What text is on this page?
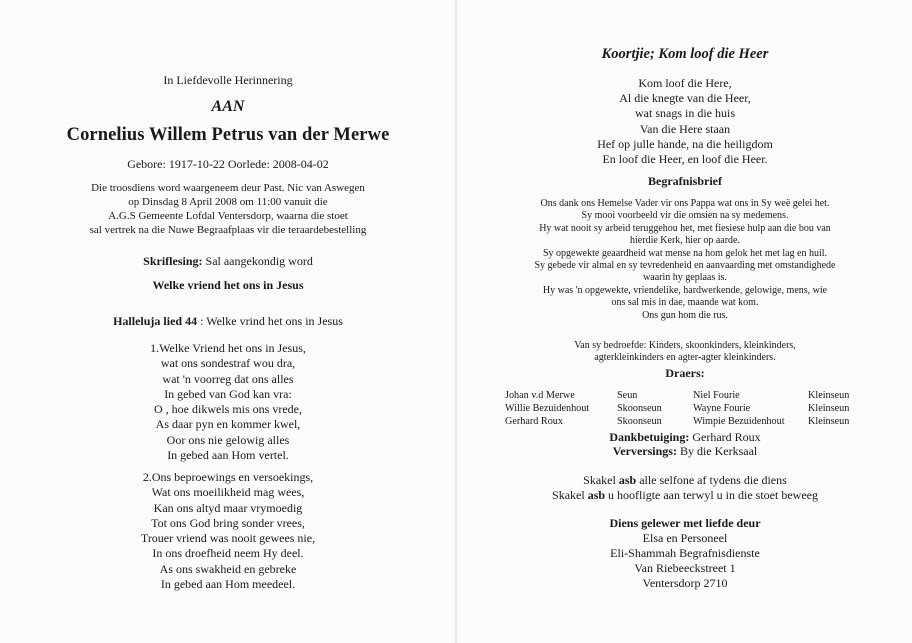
In Liefdevolle Herinnering
AAN
Cornelius Willem Petrus van der Merwe
Gebore: 1917-10-22 Oorlede: 2008-04-02
Die troosdiens word waargeneem deur Past. Nic van Aswegen
op Dinsdag 8 April 2008 om 11:00 vanuit die
A.G.S Gemeente Lofdal Ventersdorp, waarna die stoet
sal vertrek na die Nuwe Begraafplaas vir die teraardebestelling
Skriflesing: Sal aangekondig word
Welke vriend het ons in Jesus
Halleluja lied 44 : Welke vrind het ons in Jesus
1.Welke Vriend het ons in Jesus,
wat ons sondestraf wou dra,
wat 'n voorreg dat ons alles
In gebed van God kan vra:
O , hoe dikwels mis ons vrede,
As daar pyn en kommer kwel,
Oor ons nie gelowig alles
In gebed aan Hom vertel.
2.Ons beproewings en versoekings,
Wat ons moeilikheid mag wees,
Kan ons altyd maar vrymoedig
Tot ons God bring sonder vrees,
Trouer vriend was nooit gewees nie,
In ons droefheid neem Hy deel.
As ons swakheid en gebreke
In gebed aan Hom meedeel.
Koortjie; Kom loof die Heer
Kom loof die Here,
Al die knegte van die Heer,
wat snags in die huis
Van die Here staan
Hef op julle hande, na die heiligdom
En loof die Heer, en loof die Heer.
Begrafnisbrief
Ons dank ons Hemelse Vader vir ons Pappa wat ons in Sy weë gelei het.
Sy mooi voorbeeld vir die omsien na sy medemens.
Hy wat nooit sy arbeid teruggehou het, met fiesiese hulp aan die bou van
hierdie Kerk, hier op aarde.
Sy opgewekte geaardheid wat mense na hom gelok het met lag en huil.
Sy gebede vir almal en sy tevredenheid en aanvaarding met omstandighede
waarin hy geplaas is.
Hy was 'n opgewekte, vriendelike, hardwerkende, gelowige, mens, wie
ons sal mis in dae, maande wat kom.
Ons gun hom die rus.
Van sy bedroefde: Kinders, skoonkinders, kleinkinders,
agterkleinkinders en agter-agter kleinkinders.
Draers:
Johan v.d Merwe	Seun	Niel Fourie	Kleinseun
Willie Bezuidenhout	Skoonseun	Wayne Fourie	Kleinseun
Gerhard Roux	Skoonseun	Wimpie Bezuidenhout Kleinseun
Dankbetuiging: Gerhard Roux
Verversings: By die Kerksaal
Skakel asb alle selfone af tydens die diens
Skakel asb u hoofligte aan terwyl u in die stoet beweeg
Diens gelewer met liefde deur
Elsa en Personeel
Eli-Shammah Begrafnisdienste
Van Riebeeckstreet 1
Ventersdorp 2710
